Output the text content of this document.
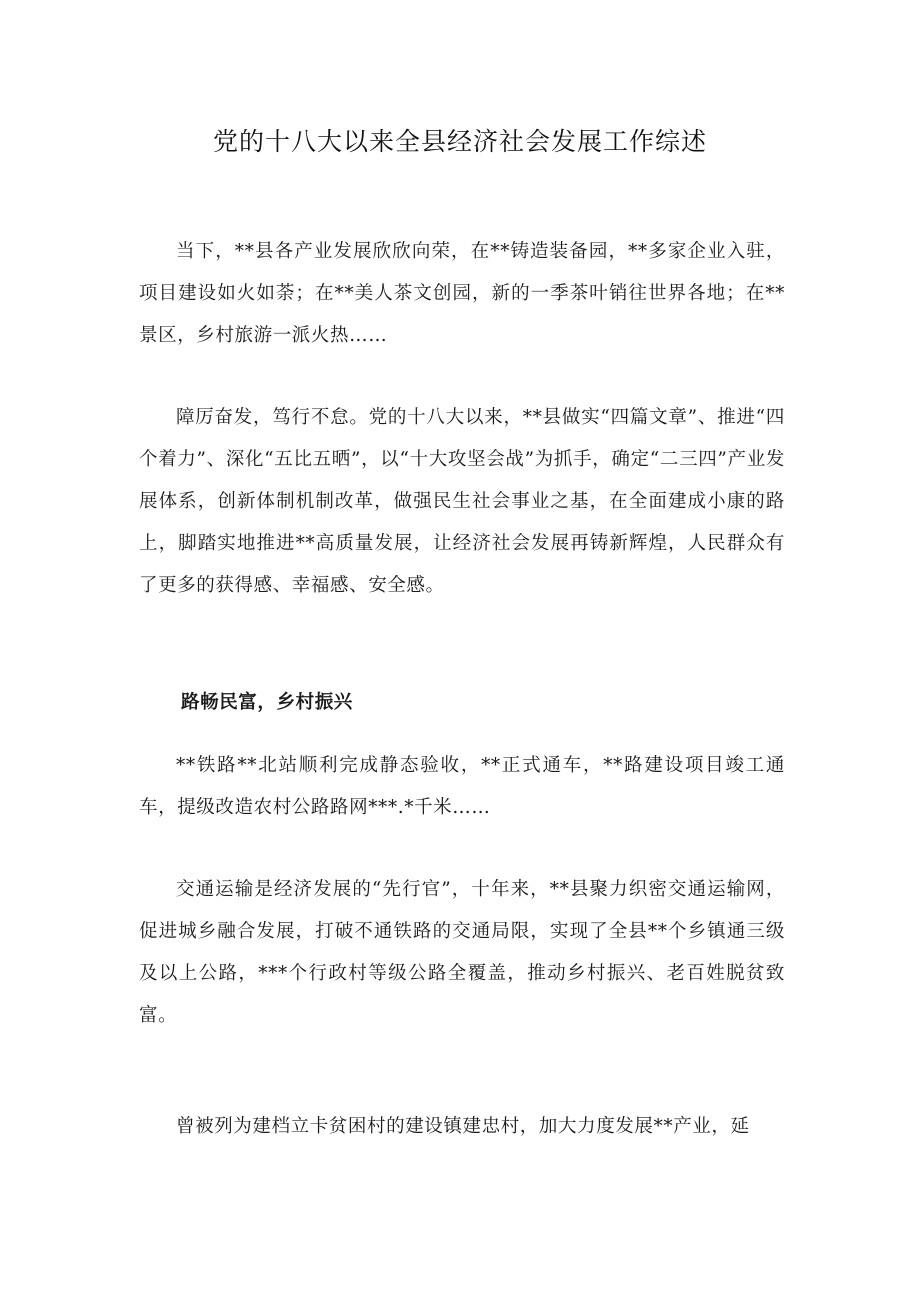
党的十八大以来全县经济社会发展工作综述

当下，**县各产业发展欣欣向荣，在**铸造装备园，**多家企业入驻，项目建设如火如荼；在**美人茶文创园，新的一季茶叶销往世界各地；在**景区，乡村旅游一派火热……

障厉奋发，笃行不怠。党的十八大以来，**县做实“四篇文章”、推进“四个着力”、深化“五比五晒”，以“十大攻坚会战”为抓手，确定“二三四”产业发展体系，创新体制机制改革，做强民生社会事业之基，在全面建成小康的路上，脚踏实地推进**高质量发展，让经济社会发展再铸新辉煌，人民群众有了更多的获得感、幸福感、安全感。

路畅民富，乡村振兴

**铁路**北站顺利完成静态验收，**正式通车，**路建设项目竣工通车，提级改造农村公路路网***.*千米……

交通运输是经济发展的“先行官”，十年来，**县聚力织密交通运输网，促进城乡融合发展，打破不通铁路的交通局限，实现了全县**个乡镇通三级及以上公路，***个行政村等级公路全覆盖，推动乡村振兴、老百姓脱贫致富。

曾被列为建档立卡贫困村的建设镇建忠村，加大力度发展**产业，延
